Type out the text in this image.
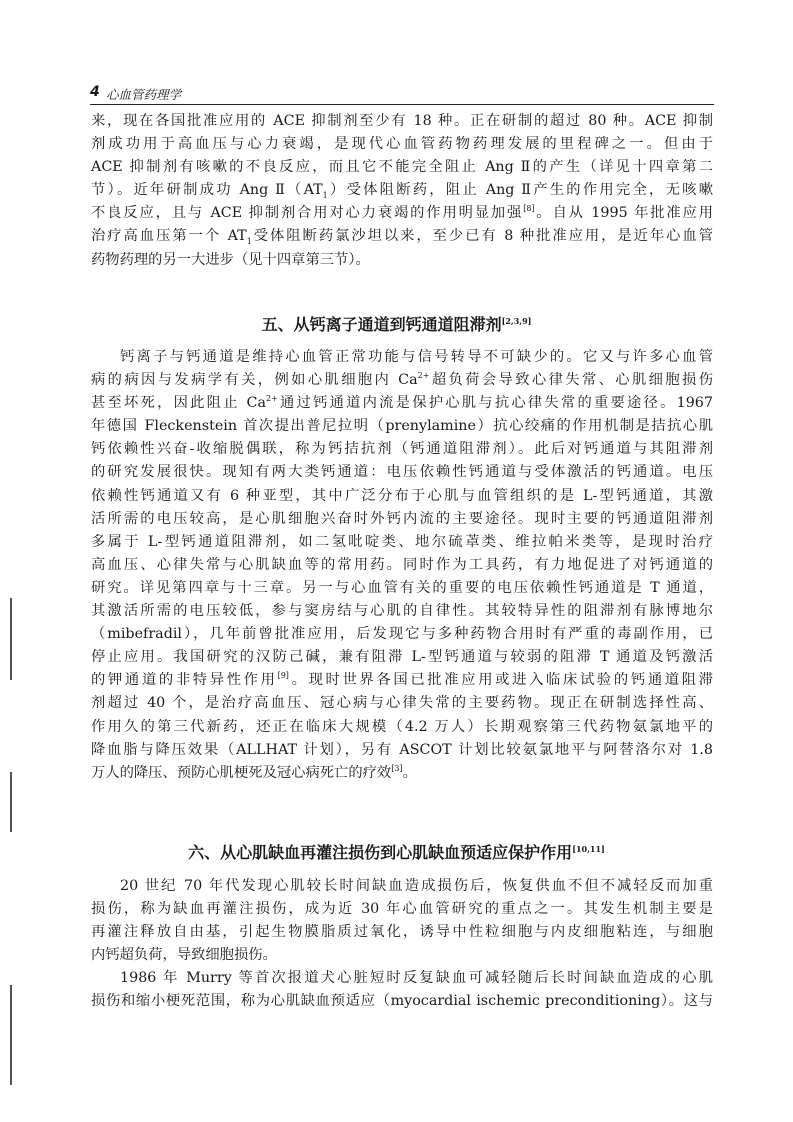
4 心血管药理学
来，现在各国批准应用的 ACE 抑制剂至少有 18 种。正在研制的超过 80 种。ACE 抑制
剂成功用于高血压与心力衰竭，是现代心血管药物药理发展的里程碑之一。但由于
ACE 抑制剂有咳嗽的不良反应，而且它不能完全阻止 Ang Ⅱ的产生（详见十四章第二
节）。近年研制成功 Ang $Ⅱ(AT_1)$受体阻断药，阻止 Ang Ⅱ产生的作用完全，无咳嗽
不良反应，且与 ACE 抑制剂合用对心力衰竭的作用明显加强[8]。自从 1995 年批准应用
治疗高血压第一个 $AT_1$受体阻断药氯沙坦以来，至少已有 8 种批准应用，是近年心血管
药物药理的另一大进步（见十四章第三节）。
五、从钙离子通道到钙通道阻滞剂[2,3,9]
钙离子与钙通道是维持心血管正常功能与信号转导不可缺少的。它又与许多心血管
病的病因与发病学有关，例如心肌细胞内 $Ca^{2+}$超负荷会导致心律失常、心肌细胞损伤
甚至坏死，因此阻止 $Ca^{2+}$通过钙通道内流是保护心肌与抗心律失常的重要途径。1967
年德国 Fleckenstein 首次提出普尼拉明（prenylamine）抗心绞痛的作用机制是拮抗心肌
钙依赖性兴奋-收缩脱偶联，称为钙拮抗剂（钙通道阻滞剂）。此后对钙通道与其阻滞剂
的研究发展很快。现知有两大类钙通道：电压依赖性钙通道与受体激活的钙通道。电压
依赖性钙通道又有 6 种亚型，其中广泛分布于心肌与血管组织的是 L-型钙通道，其激
活所需的电压较高，是心肌细胞兴奋时外钙内流的主要途径。现时主要的钙通道阻滞剂
多属于 L-型钙通道阻滞剂，如二氢吡啶类、地尔硫䓬类、维拉帕米类等，是现时治疗
高血压、心律失常与心肌缺血等的常用药。同时作为工具药，有力地促进了对钙通道的
研究。详见第四章与十三章。另一与心血管有关的重要的电压依赖性钙通道是 T 通道，
其激活所需的电压较低，参与窦房结与心肌的自律性。其较特异性的阻滞剂有脉博地尔
（mibefradil），几年前曾批准应用，后发现它与多种药物合用时有严重的毒副作用，已
停止应用。我国研究的汉防己碱，兼有阻滞 L-型钙通道与较弱的阻滞 T 通道及钙激活
的钾通道的非特异性作用[9]。现时世界各国已批准应用或进入临床试验的钙通道阻滞
剂超过 40 个，是治疗高血压、冠心病与心律失常的主要药物。现正在研制选择性高、
作用久的第三代新药，还正在临床大规模（4.2 万人）长期观察第三代药物氨氯地平的
降血脂与降压效果（ALLHAT 计划），另有 ASCOT 计划比较氨氯地平与阿替洛尔对 1.8
万人的降压、预防心肌梗死及冠心病死亡的疗效[3]。
六、从心肌缺血再灌注损伤到心肌缺血预适应保护作用[10,11]
20 世纪 70 年代发现心肌较长时间缺血造成损伤后，恢复供血不但不减轻反而加重
损伤，称为缺血再灌注损伤，成为近 30 年心血管研究的重点之一。其发生机制主要是
再灌注释放自由基，引起生物膜脂质过氧化，诱导中性粒细胞与内皮细胞粘连，与细胞
内钙超负荷，导致细胞损伤。
1986 年 Murry 等首次报道犬心脏短时反复缺血可减轻随后长时间缺血造成的心肌
损伤和缩小梗死范围，称为心肌缺血预适应（myocardial ischemic preconditioning）。这与
